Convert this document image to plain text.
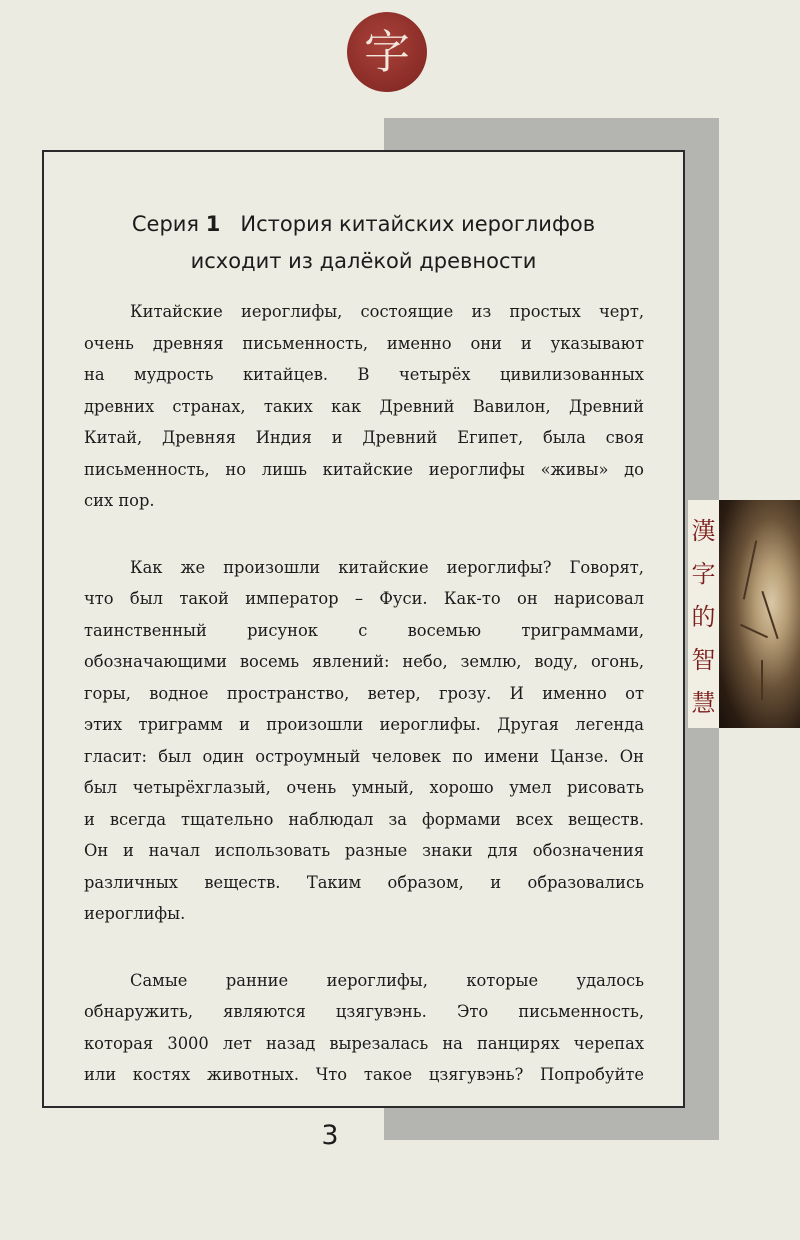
字
漢
字
的
智
慧
Серия 1 История китайских иероглифов
исходит из далёкой древности

Китайские иероглифы, состоящие из простых черт,
очень древняя письменность, именно они и указывают
на мудрость китайцев. В четырёх цивилизованных
древних странах, таких как Древний Вавилон, Древний
Китай, Древняя Индия и Древний Египет, была своя
письменность, но лишь китайские иероглифы «живы» до
сих пор.

Как же произошли китайские иероглифы? Говорят,
что был такой император – Фуси. Как-то он нарисовал
таинственный рисунок с восемью триграммами,
обозначающими восемь явлений: небо, землю, воду, огонь,
горы, водное пространство, ветер, грозу. И именно от
этих триграмм и произошли иероглифы. Другая легенда
гласит: был один остроумный человек по имени Цанзе. Он
был четырёхглазый, очень умный, хорошо умел рисовать
и всегда тщательно наблюдал за формами всех веществ.
Он и начал использовать разные знаки для обозначения
различных веществ. Таким образом, и образовались
иероглифы.

Самые ранние иероглифы, которые удалось
обнаружить, являются цзягувэнь. Это письменность,
которая 3000 лет назад вырезалась на панцирях черепах
или костях животных. Что такое цзягувэнь? Попробуйте

3
